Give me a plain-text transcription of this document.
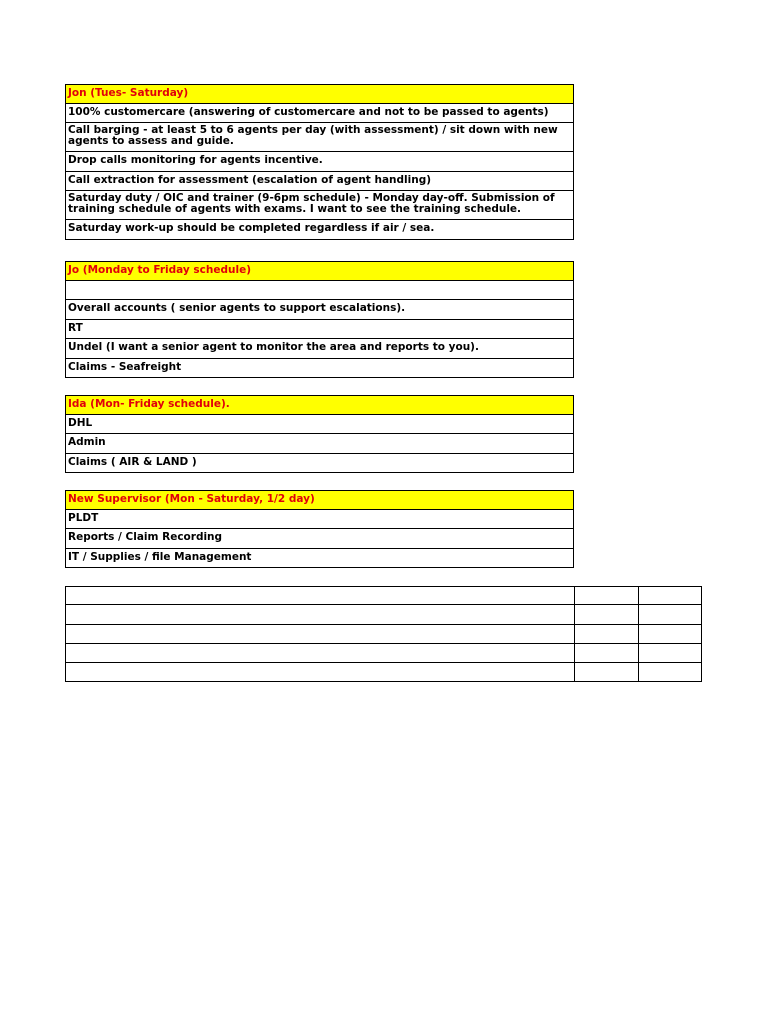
Jon (Tues- Saturday)
100% customercare (answering of customercare and not to be passed to agents)
Call barging - at least 5 to 6 agents per day (with assessment) / sit down with new agents to assess and guide.
Drop calls monitoring for agents incentive.
Call extraction for assessment (escalation of agent handling)
Saturday duty / OIC and trainer (9-6pm schedule) - Monday day-off. Submission of training schedule of agents with exams. I want to see the training schedule.
Saturday work-up should be completed regardless if air / sea.
Jo (Monday to Friday schedule)
Overall accounts ( senior agents to support escalations).
RT
Undel (I want a senior agent to monitor the area and reports to you).
Claims - Seafreight
Ida (Mon- Friday schedule).
DHL
Admin
Claims ( AIR & LAND )
New Supervisor (Mon - Saturday, 1/2 day)
PLDT
Reports / Claim Recording
IT / Supplies / file Management
